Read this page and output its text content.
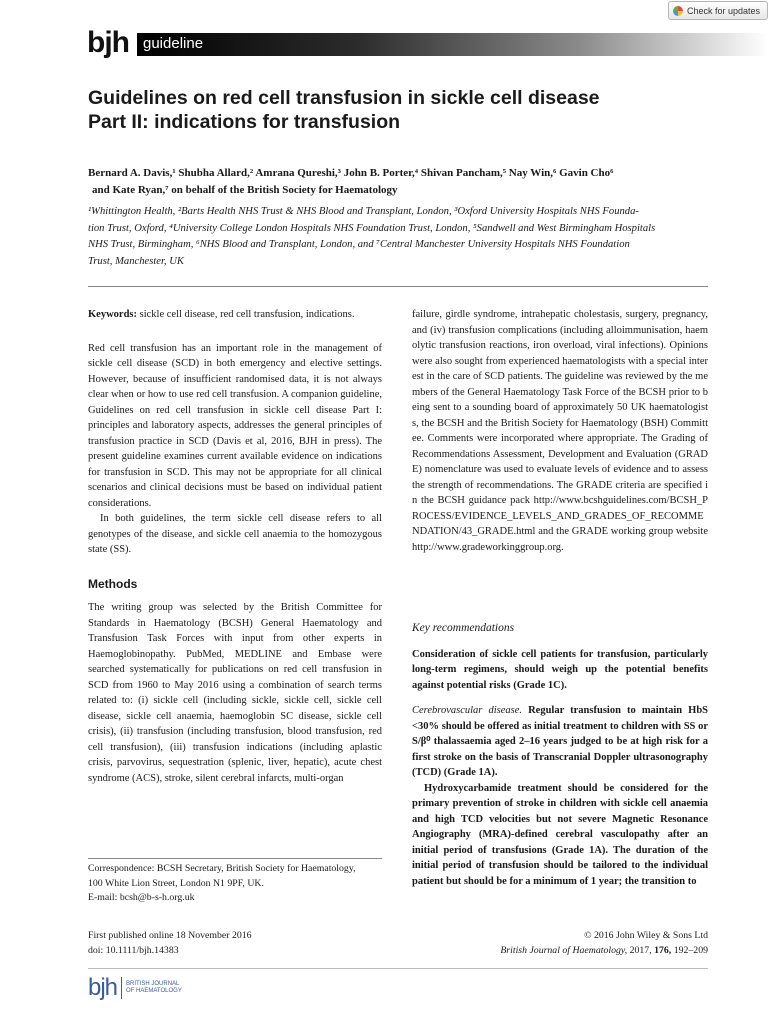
Check for updates
bjh guideline
Guidelines on red cell transfusion in sickle cell disease
Part II: indications for transfusion
Bernard A. Davis,¹ Shubha Allard,² Amrana Qureshi,³ John B. Porter,⁴ Shivan Pancham,⁵ Nay Win,⁶ Gavin Cho⁶
and Kate Ryan,⁷ on behalf of the British Society for Haematology
¹Whittington Health, ²Barts Health NHS Trust & NHS Blood and Transplant, London, ³Oxford University Hospitals NHS Founda-
tion Trust, Oxford, ⁴University College London Hospitals NHS Foundation Trust, London, ⁵Sandwell and West Birmingham Hospitals
NHS Trust, Birmingham, ⁶NHS Blood and Transplant, London, and ⁷Central Manchester University Hospitals NHS Foundation
Trust, Manchester, UK

Keywords: sickle cell disease, red cell transfusion, indications.

Red cell transfusion has an important role in the management of sickle cell disease (SCD) in both emergency and elective settings. However, because of insufficient randomised data, it is not always clear when or how to use red cell transfusion. A companion guideline, Guidelines on red cell transfusion in sickle cell disease Part I: principles and laboratory aspects, addresses the general principles of transfusion practice in SCD (Davis et al, 2016, BJH in press). The present guideline examines current available evidence on indications for transfusion in SCD. This may not be appropriate for all clinical scenarios and clinical decisions must be based on individual patient considerations.

In both guidelines, the term sickle cell disease refers to all genotypes of the disease, and sickle cell anaemia to the homozygous state (SS).

Methods

The writing group was selected by the British Committee for Standards in Haematology (BCSH) General Haematology and Transfusion Task Forces with input from other experts in Haemoglobinopathy. PubMed, MEDLINE and Embase were searched systematically for publications on red cell transfusion in SCD from 1960 to May 2016 using a combination of search terms related to: (i) sickle cell (including sickle, sickle cell, sickle cell disease, sickle cell anaemia, haemoglobin SC disease, sickle cell crisis), (ii) transfusion (including transfusion, blood transfusion, red cell transfusion), (iii) transfusion indications (including aplastic crisis, parvovirus, sequestration (splenic, liver, hepatic), acute chest syndrome (ACS), stroke, silent cerebral infarcts, multi-organ

Correspondence: BCSH Secretary, British Society for Haematology,
100 White Lion Street, London N1 9PF, UK.
E-mail: bcsh@b-s-h.org.uk

failure, girdle syndrome, intrahepatic cholestasis, surgery, pregnancy, and (iv) transfusion complications (including alloimmunisation, haemolytic transfusion reactions, iron overload, viral infections). Opinions were also sought from experienced haematologists with a special interest in the care of SCD patients. The guideline was reviewed by the members of the General Haematology Task Force of the BCSH prior to being sent to a sounding board of approximately 50 UK haematologists, the BCSH and the British Society for Haematology (BSH) Committee. Comments were incorporated where appropriate. The Grading of Recommendations Assessment, Development and Evaluation (GRADE) nomenclature was used to evaluate levels of evidence and to assess the strength of recommendations. The GRADE criteria are specified in the BCSH guidance pack http://www.bcshguidelines.com/BCSH_PROCESS/EVIDENCE_LEVELS_AND_GRADES_OF_RECOMMENDATION/43_GRADE.html and the GRADE working group website http://www.gradeworkinggroup.org.

Key recommendations

Consideration of sickle cell patients for transfusion, particularly long-term regimens, should weigh up the potential benefits against potential risks (Grade 1C).

Cerebrovascular disease. Regular transfusion to maintain HbS <30% should be offered as initial treatment to children with SS or S/β⁰ thalassaemia aged 2–16 years judged to be at high risk for a first stroke on the basis of Transcranial Doppler ultrasonography (TCD) (Grade 1A).

Hydroxycarbamide treatment should be considered for the primary prevention of stroke in children with sickle cell anaemia and high TCD velocities but not severe Magnetic Resonance Angiography (MRA)-defined cerebral vasculopathy after an initial period of transfusions (Grade 1A). The duration of the initial period of transfusion should be tailored to the individual patient but should be for a minimum of 1 year; the transition to

First published online 18 November 2016
doi: 10.1111/bjh.14383
© 2016 John Wiley & Sons Ltd
British Journal of Haematology, 2017, 176, 192–209
bjh BRITISH JOURNAL
OF HAEMATOLOGY
